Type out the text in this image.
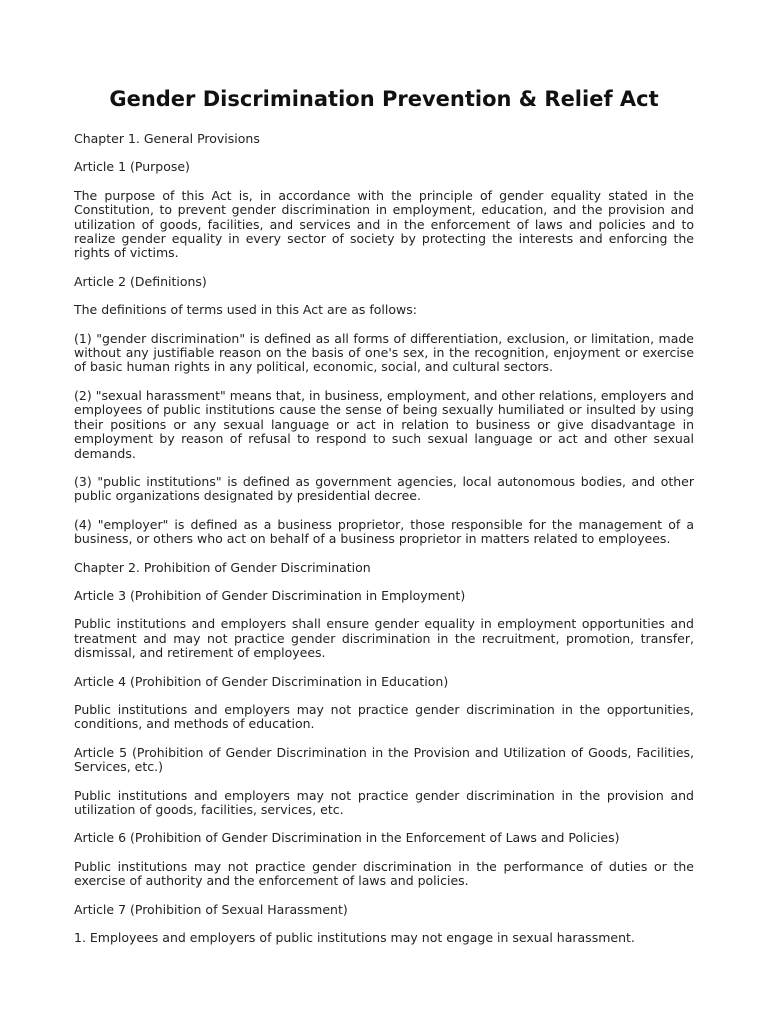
Gender Discrimination Prevention & Relief Act

Chapter 1. General Provisions

Article 1 (Purpose)

The purpose of this Act is, in accordance with the principle of gender equality stated in the Constitution, to prevent gender discrimination in employment, education, and the provision and utilization of goods, facilities, and services and in the enforcement of laws and policies and to realize gender equality in every sector of society by protecting the interests and enforcing the rights of victims.

Article 2 (Definitions)

The definitions of terms used in this Act are as follows:

(1) "gender discrimination" is defined as all forms of differentiation, exclusion, or limitation, made without any justifiable reason on the basis of one's sex, in the recognition, enjoyment or exercise of basic human rights in any political, economic, social, and cultural sectors.

(2) "sexual harassment" means that, in business, employment, and other relations, employers and employees of public institutions cause the sense of being sexually humiliated or insulted by using their positions or any sexual language or act in relation to business or give disadvantage in employment by reason of refusal to respond to such sexual language or act and other sexual demands.

(3) "public institutions" is defined as government agencies, local autonomous bodies, and other public organizations designated by presidential decree.

(4) "employer" is defined as a business proprietor, those responsible for the management of a business, or others who act on behalf of a business proprietor in matters related to employees.

Chapter 2. Prohibition of Gender Discrimination

Article 3 (Prohibition of Gender Discrimination in Employment)

Public institutions and employers shall ensure gender equality in employment opportunities and treatment and may not practice gender discrimination in the recruitment, promotion, transfer, dismissal, and retirement of employees.

Article 4 (Prohibition of Gender Discrimination in Education)

Public institutions and employers may not practice gender discrimination in the opportunities, conditions, and methods of education.

Article 5 (Prohibition of Gender Discrimination in the Provision and Utilization of Goods, Facilities, Services, etc.)

Public institutions and employers may not practice gender discrimination in the provision and utilization of goods, facilities, services, etc.

Article 6 (Prohibition of Gender Discrimination in the Enforcement of Laws and Policies)

Public institutions may not practice gender discrimination in the performance of duties or the exercise of authority and the enforcement of laws and policies.

Article 7 (Prohibition of Sexual Harassment)

1. Employees and employers of public institutions may not engage in sexual harassment.
